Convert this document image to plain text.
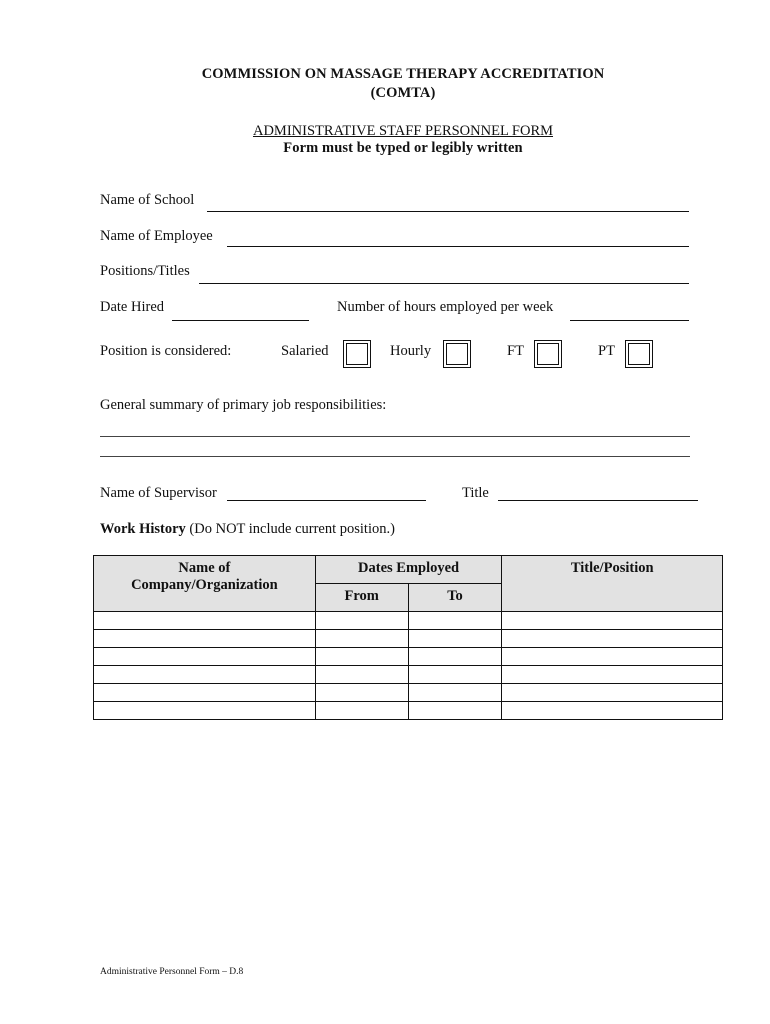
COMMISSION ON MASSAGE THERAPY ACCREDITATION
(COMTA)
ADMINISTRATIVE STAFF PERSONNEL FORM
Form must be typed or legibly written
Name of School
Name of Employee
Positions/Titles
Date Hired	Number of hours employed per week
Position is considered:	Salaried	Hourly	FT	PT
General summary of primary job responsibilities:
Name of Supervisor	Title
Work History (Do NOT include current position.)
Name of
Company/Organization	Dates Employed		Title/Position
	From	To	

Administrative Personnel Form – D.8
